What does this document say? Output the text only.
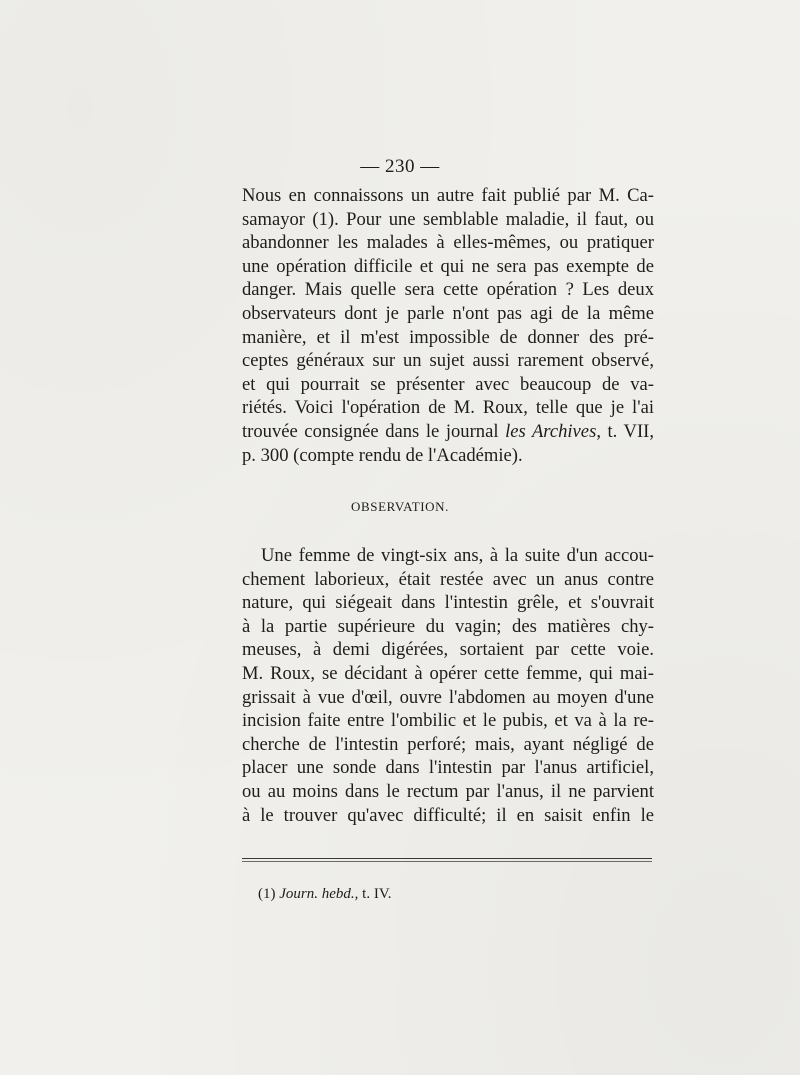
— 230 —
Nous en connaissons un autre fait publié par M. Ca-
samayor (1). Pour une semblable maladie, il faut, ou
abandonner les malades à elles-mêmes, ou pratiquer
une opération difficile et qui ne sera pas exempte de
danger. Mais quelle sera cette opération ? Les deux
observateurs dont je parle n'ont pas agi de la même
manière, et il m'est impossible de donner des pré-
ceptes généraux sur un sujet aussi rarement observé,
et qui pourrait se présenter avec beaucoup de va-
riétés. Voici l'opération de M. Roux, telle que je l'ai
trouvée consignée dans le journal les Archives, t. VII,
p. 300 (compte rendu de l'Académie).
OBSERVATION.
Une femme de vingt-six ans, à la suite d'un accou-
chement laborieux, était restée avec un anus contre
nature, qui siégeait dans l'intestin grêle, et s'ouvrait
à la partie supérieure du vagin; des matières chy-
meuses, à demi digérées, sortaient par cette voie.
M. Roux, se décidant à opérer cette femme, qui mai-
grissait à vue d'œil, ouvre l'abdomen au moyen d'une
incision faite entre l'ombilic et le pubis, et va à la re-
cherche de l'intestin perforé; mais, ayant négligé de
placer une sonde dans l'intestin par l'anus artificiel,
ou au moins dans le rectum par l'anus, il ne parvient
à le trouver qu'avec difficulté; il en saisit enfin le
(1) Journ. hebd., t. IV.
